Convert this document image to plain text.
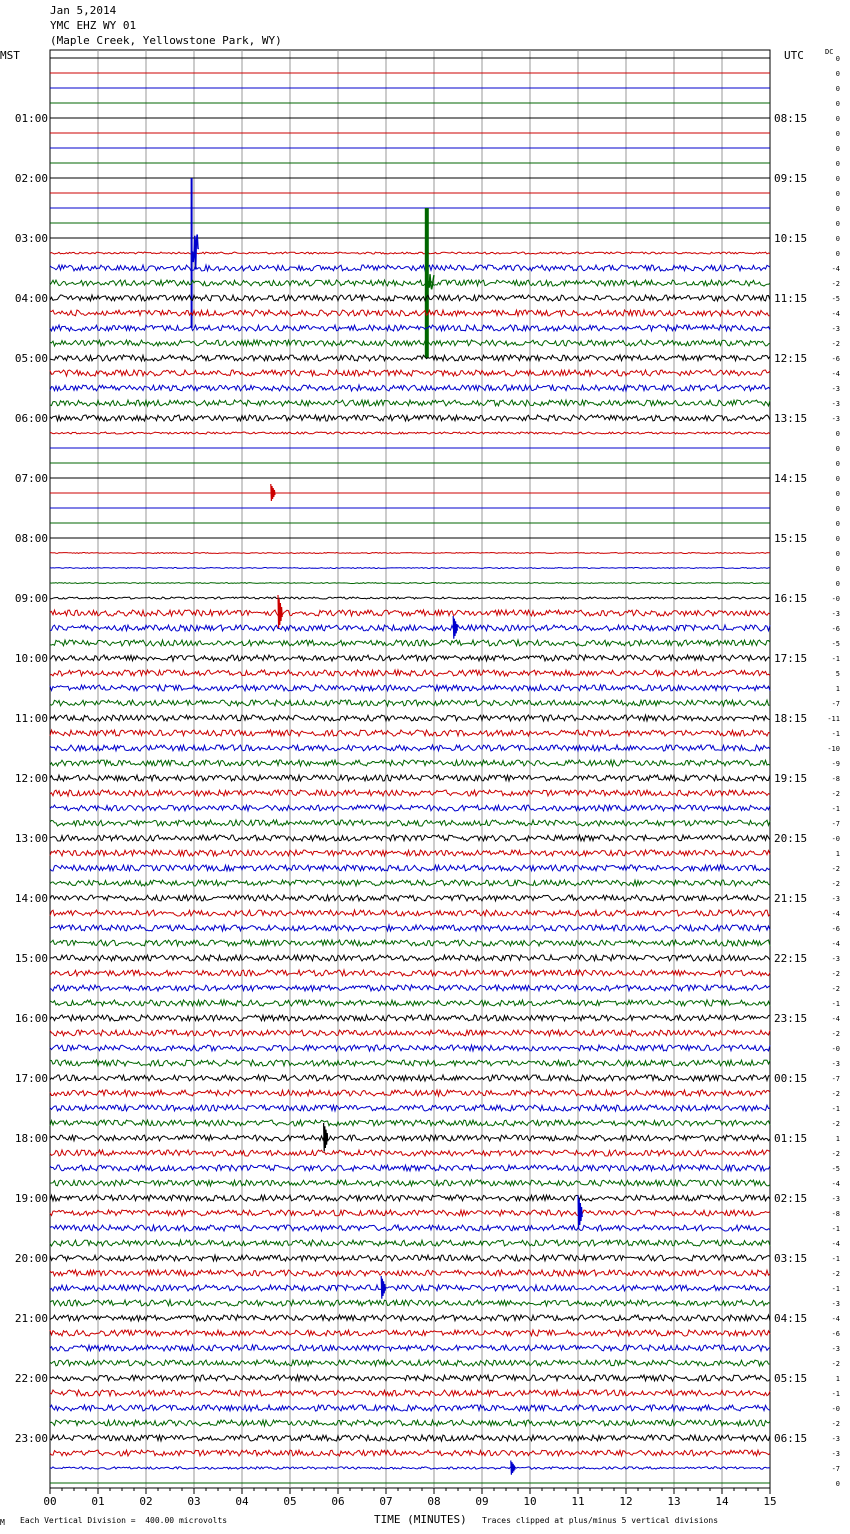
Jan 5,2014
YMC EHZ WY 01
(Maple Creek, Yellowstone Park, WY)
MST	UTC	DC
0
0
0
0
0
0
0
0
0
0
0
0
0
0
-4
-2
-5
-4
-3
-2
-6
-4
-3
-3
-3
0
0
0
0
0
0
0
0
0
0
0
-0
-3
-6
-5
-1
5
1
-7
-11
-1
-10
-9
-8
-2
-1
-7
-0
1
-2
-2
-3
-4
-6
-4
-3
-2
-2
-1
-4
-2
-0
-3
-7
-2
-1
-2
1
-2
-5
-4
-3
-8
-1
-4
-1
-2
-1
-3
-4
-6
-3
-2
1
-1
-0
-2
-3
-3
-7
0
01:00
02:00
03:00
04:00
05:00
06:00
07:00
08:00
09:00
10:00
11:00
12:00
13:00
14:00
15:00
16:00
17:00
18:00
19:00
20:00
21:00
22:00
23:00
08:15
09:15
10:15
11:15
12:15
13:15
14:15
15:15
16:15
17:15
18:15
19:15
20:15
21:15
22:15
23:15
00:15
01:15
02:15
03:15
04:15
05:15
06:15
00	01	02	03	04	05	06	07	08	09	10	11	12	13	14	15
M Each Vertical Division =  400.00 microvolts	TIME (MINUTES) Traces clipped at plus/minus 5 vertical divisions
